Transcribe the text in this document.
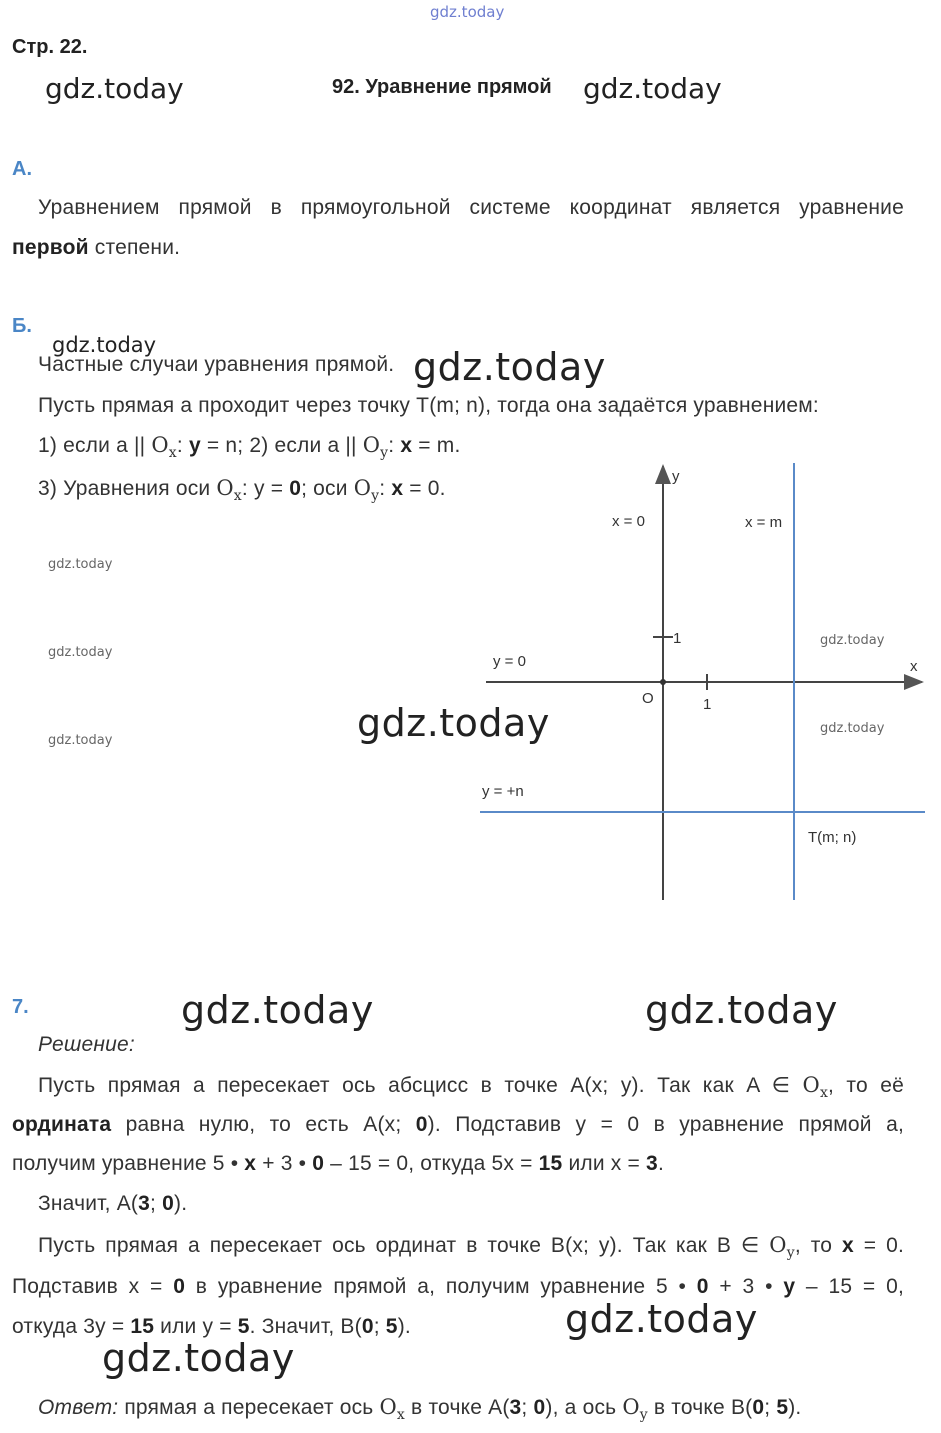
gdz.today
Стр. 22.
gdz.today	92. Уравнение прямой gdz.today
А.
Уравнением прямой в прямоугольной системе координат является уравнение
первой степени.
Б.
Частные случаи уравнения прямой.
gdz.today	gdz.today
Пусть прямая a проходит через точку T(m; n), тогда она задаётся уравнением:
1) если a || $O_x$: y = n; 2) если a || $O_y$: x = m.
3) Уравнения оси $O_x$: y = 0; оси $O_y$: x = 0.
gdz.today
gdz.today
gdz.today
y
x
O	1
1
x = 0	x = m
y = 0
y = +n
T(m; n)
gdz.today
gdz.today
gdz.today
7.	gdz.today	gdz.today
Решение:
Пусть прямая a пересекает ось абсцисс в точке A(x; y). Так как A ∈ $O_x$, то её
ордината равна нулю, то есть A(x; 0). Подставив y = 0 в уравнение прямой a,
получим уравнение 5 • x + 3 • 0 – 15 = 0, откуда 5x = 15 или x = 3.
Значит, A(3; 0).
Пусть прямая a пересекает ось ординат в точке B(x; y). Так как B ∈ $O_y$, то x = 0.
Подставив x = 0 в уравнение прямой a, получим уравнение 5 • 0 + 3 • y – 15 = 0,
откуда 3y = 15 или y = 5. Значит, B(0; 5).	gdz.today
gdz.today
Ответ: прямая a пересекает ось $O_x$ в точке A(3; 0), а ось $O_y$ в точке B(0; 5).
